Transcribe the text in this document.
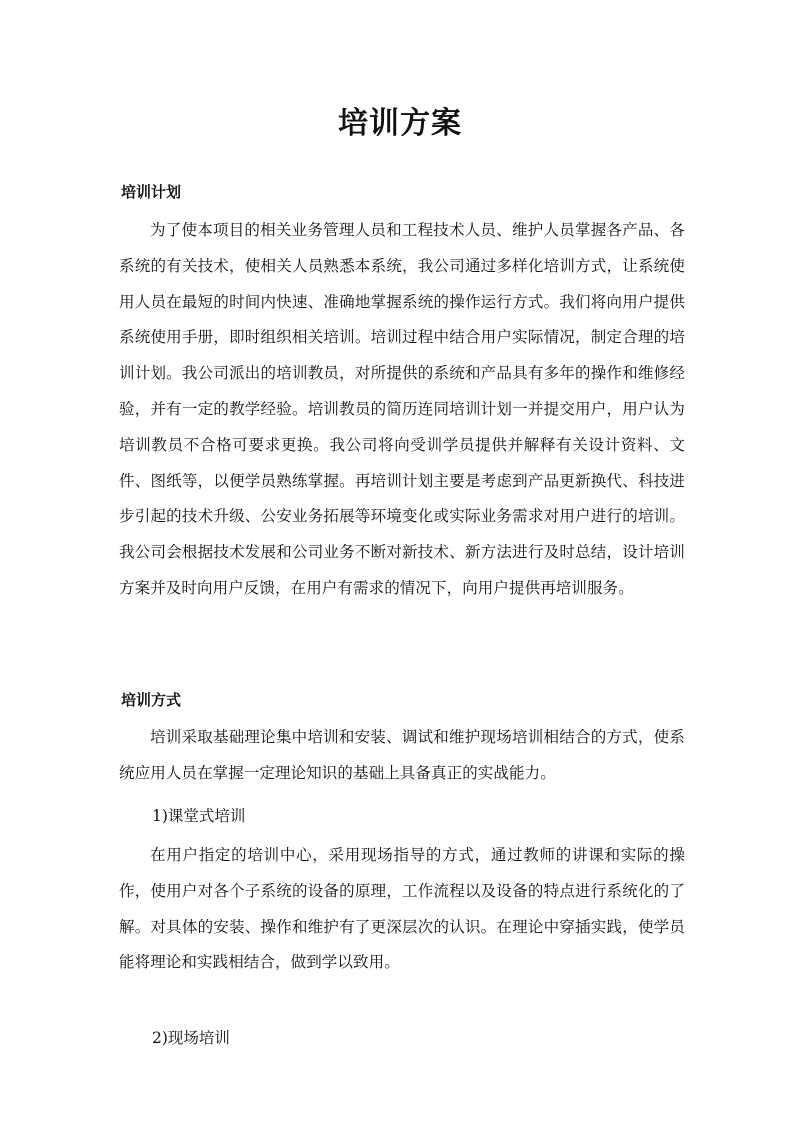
培训方案
培训计划

为了使本项目的相关业务管理人员和工程技术人员、维护人员掌握各产品、各系统的有关技术，使相关人员熟悉本系统，我公司通过多样化培训方式，让系统使用人员在最短的时间内快速、准确地掌握系统的操作运行方式。我们将向用户提供系统使用手册，即时组织相关培训。培训过程中结合用户实际情况，制定合理的培训计划。我公司派出的培训教员，对所提供的系统和产品具有多年的操作和维修经验，并有一定的教学经验。培训教员的简历连同培训计划一并提交用户，用户认为培训教员不合格可要求更换。我公司将向受训学员提供并解释有关设计资料、文件、图纸等，以便学员熟练掌握。再培训计划主要是考虑到产品更新换代、科技进步引起的技术升级、公安业务拓展等环境变化或实际业务需求对用户进行的培训。我公司会根据技术发展和公司业务不断对新技术、新方法进行及时总结，设计培训方案并及时向用户反馈，在用户有需求的情况下，向用户提供再培训服务。

培训方式

培训采取基础理论集中培训和安装、调试和维护现场培训相结合的方式，使系统应用人员在掌握一定理论知识的基础上具备真正的实战能力。

1)课堂式培训

在用户指定的培训中心，采用现场指导的方式，通过教师的讲课和实际的操作，使用户对各个子系统的设备的原理，工作流程以及设备的特点进行系统化的了解。对具体的安装、操作和维护有了更深层次的认识。在理论中穿插实践，使学员能将理论和实践相结合，做到学以致用。

2)现场培训
